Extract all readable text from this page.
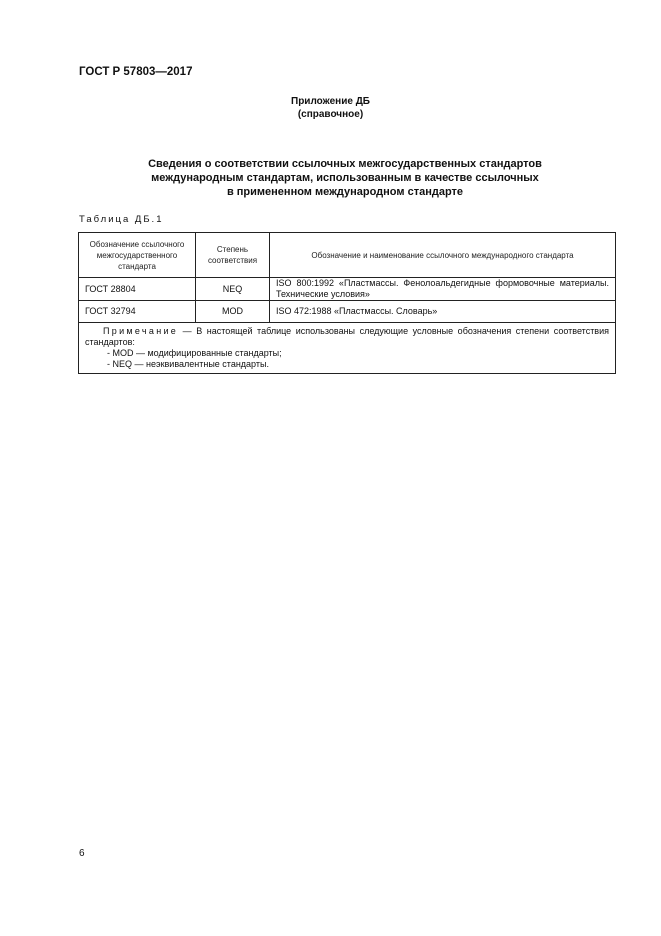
ГОСТ Р 57803—2017
Приложение ДБ
(справочное)
Сведения о соответствии ссылочных межгосударственных стандартов
международным стандартам, использованным в качестве ссылочных
в примененном международном стандарте
Таблица ДБ.1
Обозначение ссылочного межгосударственного стандарта	Степень соответствия	Обозначение и наименование ссылочного международного стандарта
ГОСТ 28804	NEQ	ISO 800:1992 «Пластмассы. Фенолоальдегидные формовочные материалы. Технические условия»
ГОСТ 32794	MOD	ISO 472:1988 «Пластмассы. Словарь»

Примечание — В настоящей таблице использованы следующие условные обозначения степени соответствия стандартов:
- MOD — модифицированные стандарты;
- NEQ — неэквивалентные стандарты.		
6
